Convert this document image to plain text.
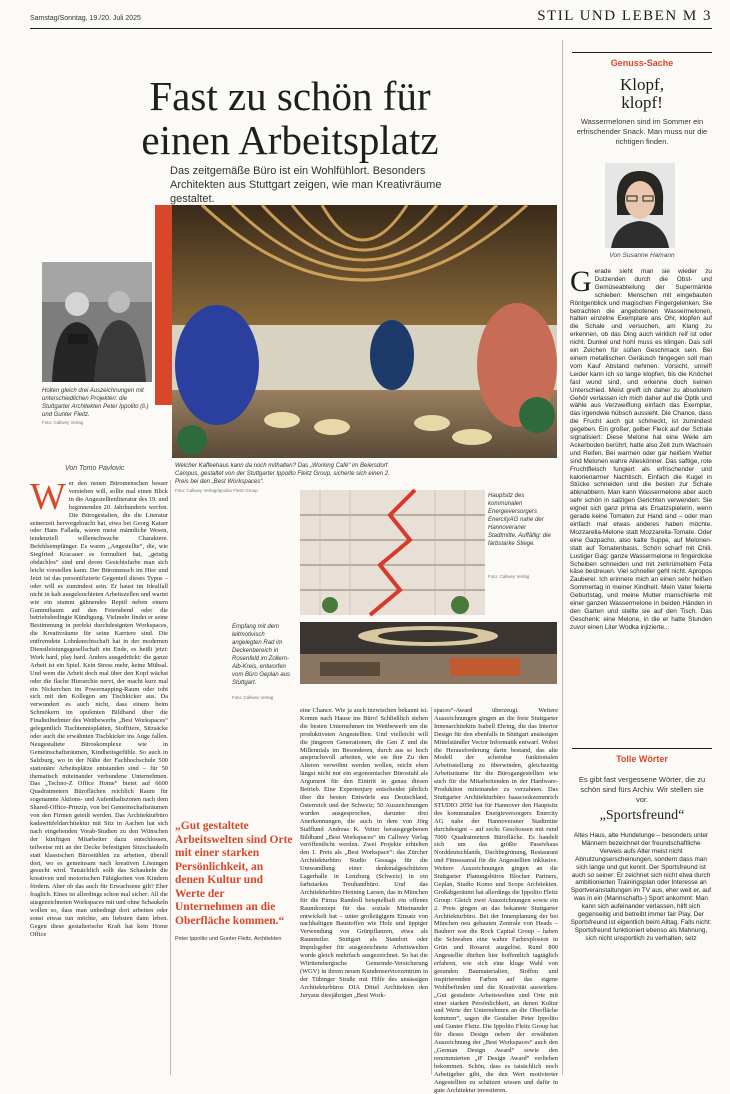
Samstag/Sonntag, 19./20. Juli 2025	STIL UND LEBEN M 3
Fast zu schön für
einen Arbeitsplatz
Das zeitgemäße Büro ist ein Wohlfühlort. Besonders Architekten aus Stuttgart zeigen, wie man Kreativräume gestaltet.
Holten gleich drei Auszeichnungen mit unterschiedlichen Projekten: die Stuttgarter Architekten Peter Ippolito (li.) und Gunter Fleitz.
Foto: Callwey Verlag
Welcher Kaffeehaus kann da noch mithalten? Das „Working Café“ im Beiersdorf Campus, gestaltet von der Stuttgarter Ippolito Fleitz Group, sicherte sich einen 2. Preis bei den „Best Workspaces“.
Foto: Callwey Verlag/Ippolito Fleitz Group
Hauptsitz des kommunalen Energieversorgers EnercityAG nahe der Hannoveraner Stadtmitte. Auffällig: die farbstarke Stiege.
Foto: Callwey Verlag
Empfang mit dem leitmotivisch angelegten Rad im Deckenbereich in Rosenfeld im Zollern-Alb-Kreis, entworfen vom Büro Geplan aus Stuttgart.
Foto: Callwey Verlag
Von Tomo Pavlovic
Wer den neuen Büromenschen besser verstehen will, sollte mal einen Blick in die Angestelltenliteratur des 19. und beginnenden 20. Jahrhunderts werfen. Die Bürogestalten, die die Literatur seinerzeit hervorgebracht hat, etwa bei Georg Kaiser oder Hans Fallada, waren meist männliche Wesen, tendenziell willenschwache Charaktere. Befehlsempfänger. Es waren „Angestellte“, die, wie Siegfried Kracauer es formuliert hat, „geistig obdachlos“ sind und deren Gesichtsfarbe man sich leicht vorstellen kann. Der Büromensch im Hier und Jetzt ist das personifizierte Gegenteil dieses Typus – oder will es zumindest sein. Er haust im Idealfall nicht in kalt ausgeleuchteten Arbeitszellen und wartet wie ein stumm gähnendes Reptil neben einem Gummibaum auf den Feierabend oder die betriebsbedingte Kündigung. Vielmehr findet er seine Bestimmung in perfekt durchdesignten Workspaces, die Kreativräume für seine Karriere sind. Die entfremdete Lohnknechtschaft hat in der modernen Dienstleistungsgesellschaft ein Ende, es heißt jetzt: Work hard, play hard. Anders ausgedrückt: die ganze Arbeit ist ein Spiel. Kein Stress mehr, keine Mühsal. Und wem die Arbeit doch mal über den Kopf wächst oder die flache Hierarchie nervt, der macht kurz mal ein Nickerchen im Powernapping-Raum oder tobt sich mit den Kollegen am Tischkicker aus. Da verwundert es auch nicht, dass einem beim Schmökern im opulenten Bildband über die Finalteilnehmer des Wettbewerbs „Best Workspaces“ gelegentlich Tischtennisplatten, Stofftiere, Sitzsäcke oder auch die erwähnten Tischkicker ins Auge fallen. Neugestaltete Büroskomplexe wie in Gemeinschaftsräumen, Kindheitsgefühle. So auch in Salzburg, wo in der Nähe der Fachhochschule 500 stationäre Arbeitsplätze entstanden sind – für 50 thematisch miteinander verbundene Unternehmen. Das „Techno-Z Office Home“ bietet auf 6600 Quadratmetern Büroflächen reichlich Raum für sogenannte Aktions- und Aufenthaltszonen nach dem Shared-Office-Prinzip, von bei Gemeinschaftsräumen von den Firmen geteilt werden. Das Architekturbüro kadawittfeldarchitektur mit Sitz in Aachen hat sich nach eingehenden Vorab-Studien zu den Wünschen der künftigen Mitarbeiter dazu entschlossen, teilweise mit an der Decke befestigten Sitzschaukeln statt klassischen Bürostühlen zu arbeiten, überall dort, wo es gemeinsam nach kreativen Lösungen gesucht wird. Tatsächlich sollt das Schaukeln die kreativen und motorischen Fähigkeiten von Kindern fördern. Aber ob das auch für Erwachsene gilt? Eher fraglich. Eines ist allerdings schon mal sicher: All die ausgezeichneten Workspaces mit und ohne Schaukeln wollen so, dass man unbedingt dort arbeiten oder sonst etwas tun möchte, am liebsten dann leben. Gegen diese gestalterische Kraft hat kein Home Office
eine Chance. Wie ja auch inzwischen bekannt ist. Komm nach Hause ins Büro! Schließlich stehen die besten Unternehmen im Wettbewerb um die produktivsten Angestellten. Und vielleicht will die jüngeren Generationen, die Gen Z und die Millennials im Besonderen, durch aus so hoch anspruchsvoll arbeiten, wie sie ihre Zu den Alteren verwöhnt werden wollen, reicht eben längst nicht nur ein ergonomischer Bürostuhl als Argument für den Eintritt in genau diesen Betrieb. Eine Expertenjury entscheidet jährlich über die besten Entwürfe aus Deutschland, Österreich und der Schweiz; 50 Auszeichnungen wurden ausgesprochen, darunter drei Anerkennungen, die auch in dem von Jörg Stafflund Andreas K. Vetter herausgegebenen Bildband „Best Workspaces“ im Callwey Verlag veröffentlicht werden. Zwei Projekte erhielten den 1. Preis als „Best Workspace“: das Zürcher Architekturbüro Studio Gessaga für die Umwandlung einer denkmalgeschützten Lagerhalle in Lenzburg (Schweiz) in ein farbstarkes Treuhandbüro. Und das Architekturbüro Henning Larsen, das in München für die Firma Ramboll beispielhaft ein offenes Raumkonzept für das soziale Miteinander entwickelt hat – unter großzügigem Einsatz von nachhaltigen Baustoffen wie Holz und üppiger Verwendung von Grünpflanzen, etwa als Raumteiler. Stuttgart als Standort oder Impulsgeber für ausgezeichnete Arbeitswelten wurde gleich mehrfach ausgezeichnet. So hat die Württembergische Gemeinde-Versicherung (WGV) in ihrem neuen Kundenservicezentrum in der Tübinger Straße mit Hilfe des ansässigen Architekturbüros DIA Dittel Architekten den Juryaus diesjährigen „Best Work-
„Gut gestaltete Arbeitswelten sind Orte mit einer starken Persönlichkeit, an denen Kultur und Werte der Unternehmen an die Oberfläche kommen.“
Peter Ippolito und Gunter Fleitz, Architekten
spaces“-Award überzeugt. Weitere Auszeichnungen gingen an die freie Stuttgarter Innenarchitektin Isabell Ehring, die das Interior Design für den ebenfalls in Stuttgart ansässigen Mittelständler Vector Informatik entwarf. Wobei die Herausforderung darin bestand, das alte Modell der scheinbar funktionalen Arbeitsstellung zu überwinden, gleichzeitig Arbeitsräume für die Bürogangestellten wie auch für die Mitarbeitenden in der Hardware-Produktion miteinander zu verzahnen. Das Stuttgarter Architekturbüro haascookzemmrich STUDIO 2050 hat für Hannover den Hauptsitz des kommunalen Energieversorgers Enercity AG nahe der Hannoveraner Stadtmitte durchdesignt – auf sechs Geschossen mit rund 7000 Quadratmetern Bürofläche. Es handelt sich um das größte Passivhaus Norddeutschlands, Dachbegrünung, Restaurant und Fitnessareal für die Angestellten inklusive. Weitere Auszeichnungen gingen an die Stuttgarter Planungsbüros Blocher Partners, Geplan, Studio Komo und Scope Architekten. Großabgeräumt hat allerdings die Ippolito Fleitz Group: Gleich zwei Auszeichnungen sowie ein 2. Preis gingen an das bekannte Stuttgarter Architekturbüro. Bei der Innenplanung der bei München neu gebauten Zentrale von Heads – Bauherr war die Rock Capital Group – haben die Schwaben eine wahre Farbexplosion in Grün und Rosarot ausgelöst. Rund 800 Angestellte dürften hier hoffentlich tagtäglich erfahren, wie sich eine kluge Wahl von gesunden Baumaterialien, Stoffen und inspirierenden Farben auf das eigene Wohlbefinden und die Kreativität auswirken. „Gut gestaltete Arbeitswelten sind Orte mit einer starken Persönlichkeit, an denen Kultur und Werte der Unternehmen an die Oberfläche kommen“, sagen die Gestalter Peter Ippolito und Gunter Fleitz. Die Ippolito Fleitz Group hat für dieses Design neben der erwähnten Auszeichnung der „Best Workspaces“ auch den „German Design Award“ sowie den renommierten „iF Design Award“ verliehen bekommen. Schön, dass es tatsächlich noch Arbeitgeber gibt, die den Wert motivierter Angestellten zu schätzen wissen und dafür in gute Architektur investieren.
Genuss-Sache
Klopf,
klopf!
Wassermelonen sind im Sommer ein erfrischender Snack. Man muss nur die richtigen finden.
Von Susanne Hamann
Gerade sieht man sie wieder zu Dutzenden durch die Obst- und Gemüseabteilung der Supermärkte schieben: Menschen mit eingebauten Röntgenblick und magischen Fingergelenken. Sie betrachten die angebotenen Wassermelonen, halten einzelne Exemplare ans Ohr, klopfen auf die Schale und versuchen, am Klang zu erkennen, ob das Ding auch wirklich reif ist oder nicht. Dunkel und hohl muss es klingen. Das soll ein Zeichen für süßen Geschmack sein. Bei einem metallischen Geräusch hingegen soll man vom Kauf Abstand nehmen. Vorsicht, unreif! Leider kann ich so lange klopfen, bis die Knöchel fast wund sind, und erkenne doch keinen Unterschied. Meist greift ich daher zu absolutem Gehör verlassen ich mich daher auf die Optik und wähle aus Verzweiflung einfach das Exemplar, das irgendwie hübsch aussieht. Die Chance, dass die Frucht auch gut schmeckt, ist zumindest gegeben. Ein großer, gelber Fleck auf der Schale signalisiert: Diese Melone hat eine Weile am Ackerboden berührt, hatte also Zeit zum Wachsen und Reifen. Bei warmen oder gar heißem Wetter sind Melonen wahre Alleskönner. Das saftige, rote Fruchtfleisch fungiert als erfrischender und kalorienarmer Nachtisch. Einfach die Kugel in Stücke schneiden und die besten zur Schale abknabbern. Man kann Wassermelone aber auch sehr schön in salzigen Gerichten verwenden. Sie eignet sich ganz prima als Ersatzspielerin, wenn gerade keine Tomaten zur Hand sind – oder man einfach mal etwas anderes haben möchte. Mozzarella-Melone statt Mozzarella-Tomate. Oder eine Gazpacho, also kalte Suppe, auf Melonen- statt auf Tomatenbasis. Schön scharf mit Chili. Lustiger Gag: ganze Wassermelone in fingerdicke Scheiben schneiden und mit zerkrümeltem Feta käse bestreuen. Viel schneller geht nicht. Apropos Zauberei: Ich erinnere mich an einen sehr heißen Sommertag in meiner Kindheit. Mein Vater feierte Geburtstag, und meine Mutter manschierte mit einer ganzen Wassermelone in beiden Händen in den Garten und stellte sie auf den Tisch. Das Geschenk: eine Melone, in die er hatte Stunden zuvor einen Liter Wodka injizierte...
Tolle Wörter
Es gibt fast vergessene Wörter, die zu schön sind fürs Archiv. Wir stellen sie vor.
„Sportsfreund“
Altes Haus, alte Hundelunge – besonders unter Männern bezeichnet der freundschaftliche Verweis aufs Alter meist nicht Abnutzungserscheinungen, sondern dass man sich lange und gut kennt. Der Sportsfreund ist auch so seiner: Er zeichnet sich nicht etwa durch ambitionierten Trainingsplan oder Interesse an Sportveranstaltungen im TV aus, eher weit er, auf was in ein (Mannschafts-) Sport ankommt: Man kann sich aufeinander verlassen, hilft sich gegenseitig und betreibt immer fair Play. Der Sportsfreund ist eigentlich beim Alltag. Falls nicht: Sportsfreund funktioniert ebenso als Mahnung, sich nicht unsportlich zu verhalten, setz
